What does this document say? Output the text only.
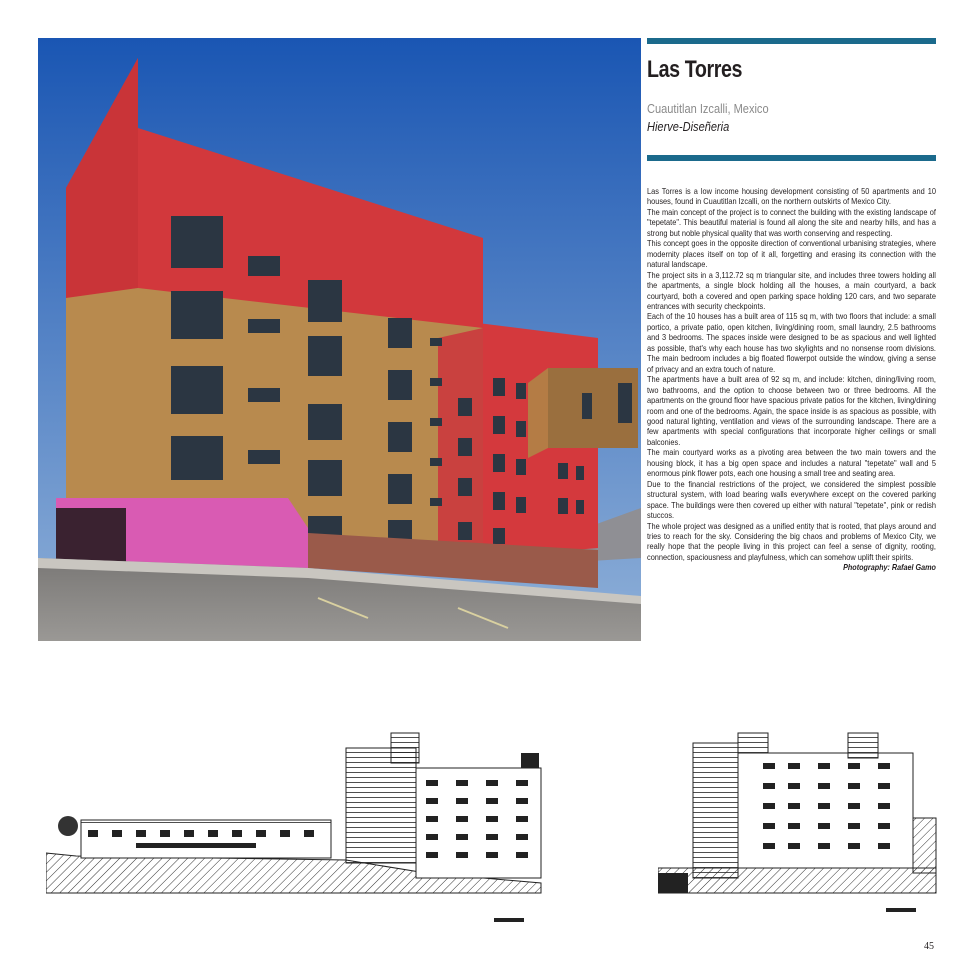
Las Torres
Cuautitlan Izcalli, Mexico
Hierve-Diseñeria

Las Torres is a low income housing development consisting of 50 apartments and 10 houses, found in Cuautitlan Izcalli, on the northern outskirts of Mexico City.

The main concept of the project is to connect the building with the existing landscape of "tepetate". This beautiful material is found all along the site and nearby hills, and has a strong but noble physical quality that was worth conserving and respecting.

This concept goes in the opposite direction of conventional urbanising strategies, where modernity places itself on top of it all, forgetting and erasing its connection with the natural landscape.

The project sits in a 3,112.72 sq m triangular site, and includes three towers holding all the apartments, a single block holding all the houses, a main courtyard, a back courtyard, both a covered and open parking space holding 120 cars, and two separate entrances with security checkpoints.

Each of the 10 houses has a built area of 115 sq m, with two floors that include: a small portico, a private patio, open kitchen, living/dining room, small laundry, 2.5 bathrooms and 3 bedrooms. The spaces inside were designed to be as spacious and well lighted as possible, that's why each house has two skylights and no nonsense room divisions. The main bedroom includes a big floated flowerpot outside the window, giving a sense of privacy and an extra touch of nature.

The apartments have a built area of 92 sq m, and include: kitchen, dining/living room, two bathrooms, and the option to choose between two or three bedrooms. All the apartments on the ground floor have spacious private patios for the kitchen, living/dining room and one of the bedrooms. Again, the space inside is as spacious as possible, with good natural lighting, ventilation and views of the surrounding landscape. There are a few apartments with special configurations that incorporate higher ceilings or small balconies.

The main courtyard works as a pivoting area between the two main towers and the housing block, it has a big open space and includes a natural "tepetate" wall and 5 enormous pink flower pots, each one housing a small tree and seating area.

Due to the financial restrictions of the project, we considered the simplest possible structural system, with load bearing walls everywhere except on the covered parking space. The buildings were then covered up either with natural "tepetate", pink or redish stuccos.

The whole project was designed as a unified entity that is rooted, that plays around and tries to reach for the sky. Considering the big chaos and problems of Mexico City, we really hope that the people living in this project can feel a sense of dignity, rooting, connection, spaciousness and playfulness, which can somehow uplift their spirits.

Photography: Rafael Gamo

45
